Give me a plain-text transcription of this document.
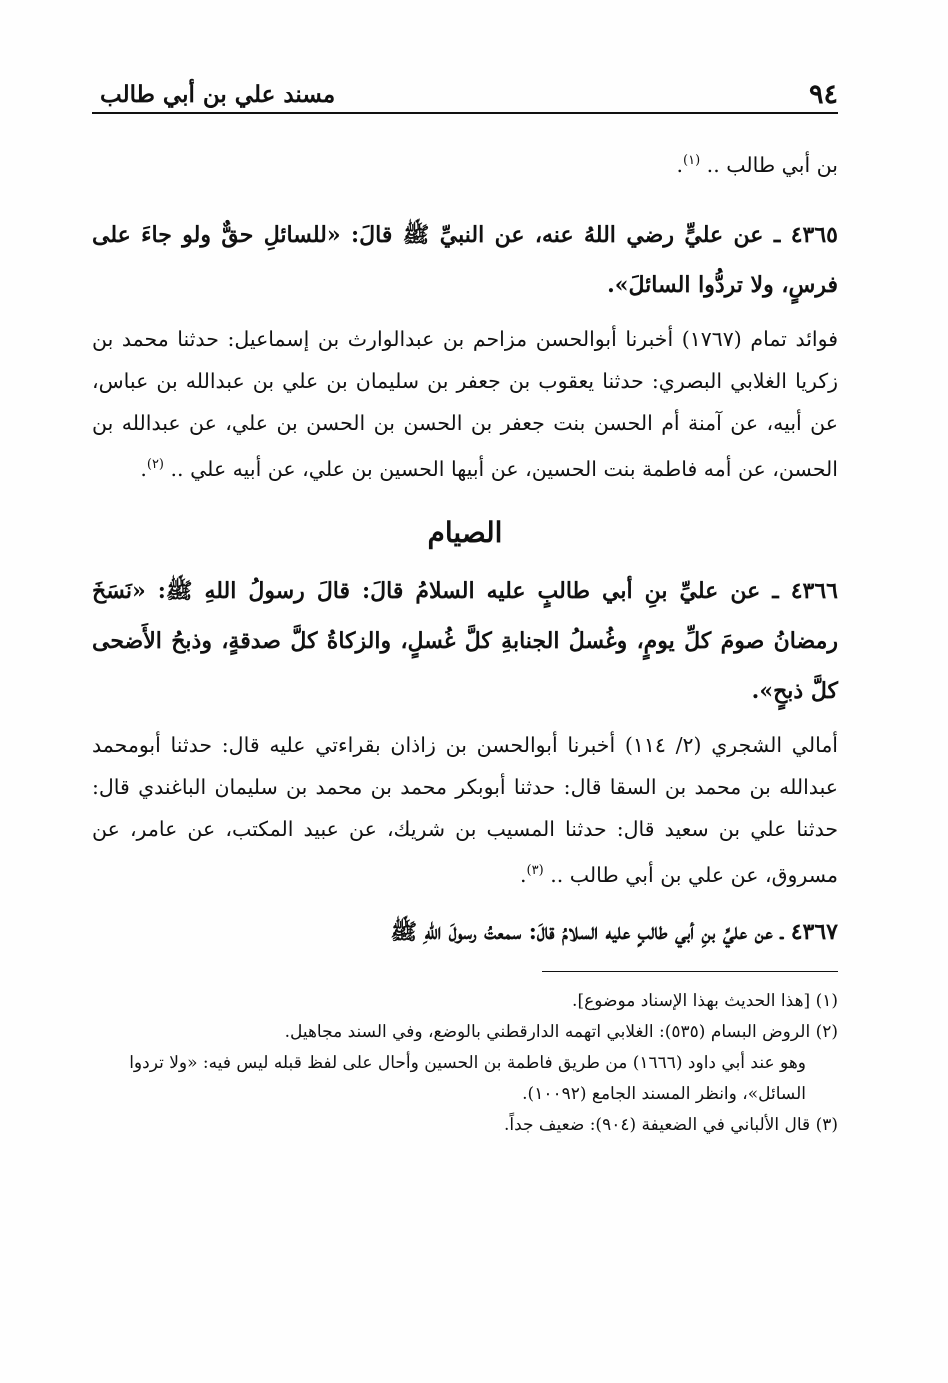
٩٤
مسند علي بن أبي طالب

بن أبي طالب .. $^{(١)}$.

٤٣٦٥ ـ عن عليٍّ رضي اللهُ عنه، عن النبيِّ ﷺ قالَ: «للسائلِ حقٌّ ولو جاءَ على فرسٍ، ولا تردُّوا السائلَ».

فوائد تمام (١٧٦٧) أخبرنا أبوالحسن مزاحم بن عبدالوارث بن إسماعيل: حدثنا محمد بن زكريا الغلابي البصري: حدثنا يعقوب بن جعفر بن سليمان بن علي بن عبدالله بن عباس، عن أبيه، عن آمنة أم الحسن بنت جعفر بن الحسن بن الحسن بن علي، عن عبدالله بن الحسن، عن أمه فاطمة بنت الحسين، عن أبيها الحسين بن علي، عن أبيه علي .. $^{(٢)}$.

الصيام

٤٣٦٦ ـ عن عليِّ بنِ أبي طالبٍ عليه السلامُ قالَ: قالَ رسولُ اللهِ ﷺ: «نَسَخَ رمضانُ صومَ كلِّ يومٍ، وغُسلُ الجنابةِ كلَّ غُسلٍ، والزكاةُ كلَّ صدقةٍ، وذبحُ الأَضحى كلَّ ذبحٍ».

أمالي الشجري (٢/ ١١٤) أخبرنا أبوالحسن بن زاذان بقراءتي عليه قال: حدثنا أبومحمد عبدالله بن محمد بن السقا قال: حدثنا أبوبكر محمد بن محمد بن سليمان الباغندي قال: حدثنا علي بن سعيد قال: حدثنا المسيب بن شريك، عن عبيد المكتب، عن عامر، عن مسروق، عن علي بن أبي طالب .. $^{(٣)}$.

٤٣٦٧ ـ عن عليِّ بنِ أبي طالبٍ عليه السلامُ قالَ: سمعتُ رسولَ اللهِ ﷺ

(١) [هذا الحديث بهذا الإسناد موضوع].

(٢) الروض البسام (٥٣٥): الغلابي اتهمه الدارقطني بالوضع، وفي السند مجاهيل.

وهو عند أبي داود (١٦٦٦) من طريق فاطمة بن الحسين وأحال على لفظ قبله ليس فيه: «ولا تردوا السائل»، وانظر المسند الجامع (١٠٠٩٢).

(٣) قال الألباني في الضعيفة (٩٠٤): ضعيف جداً.
